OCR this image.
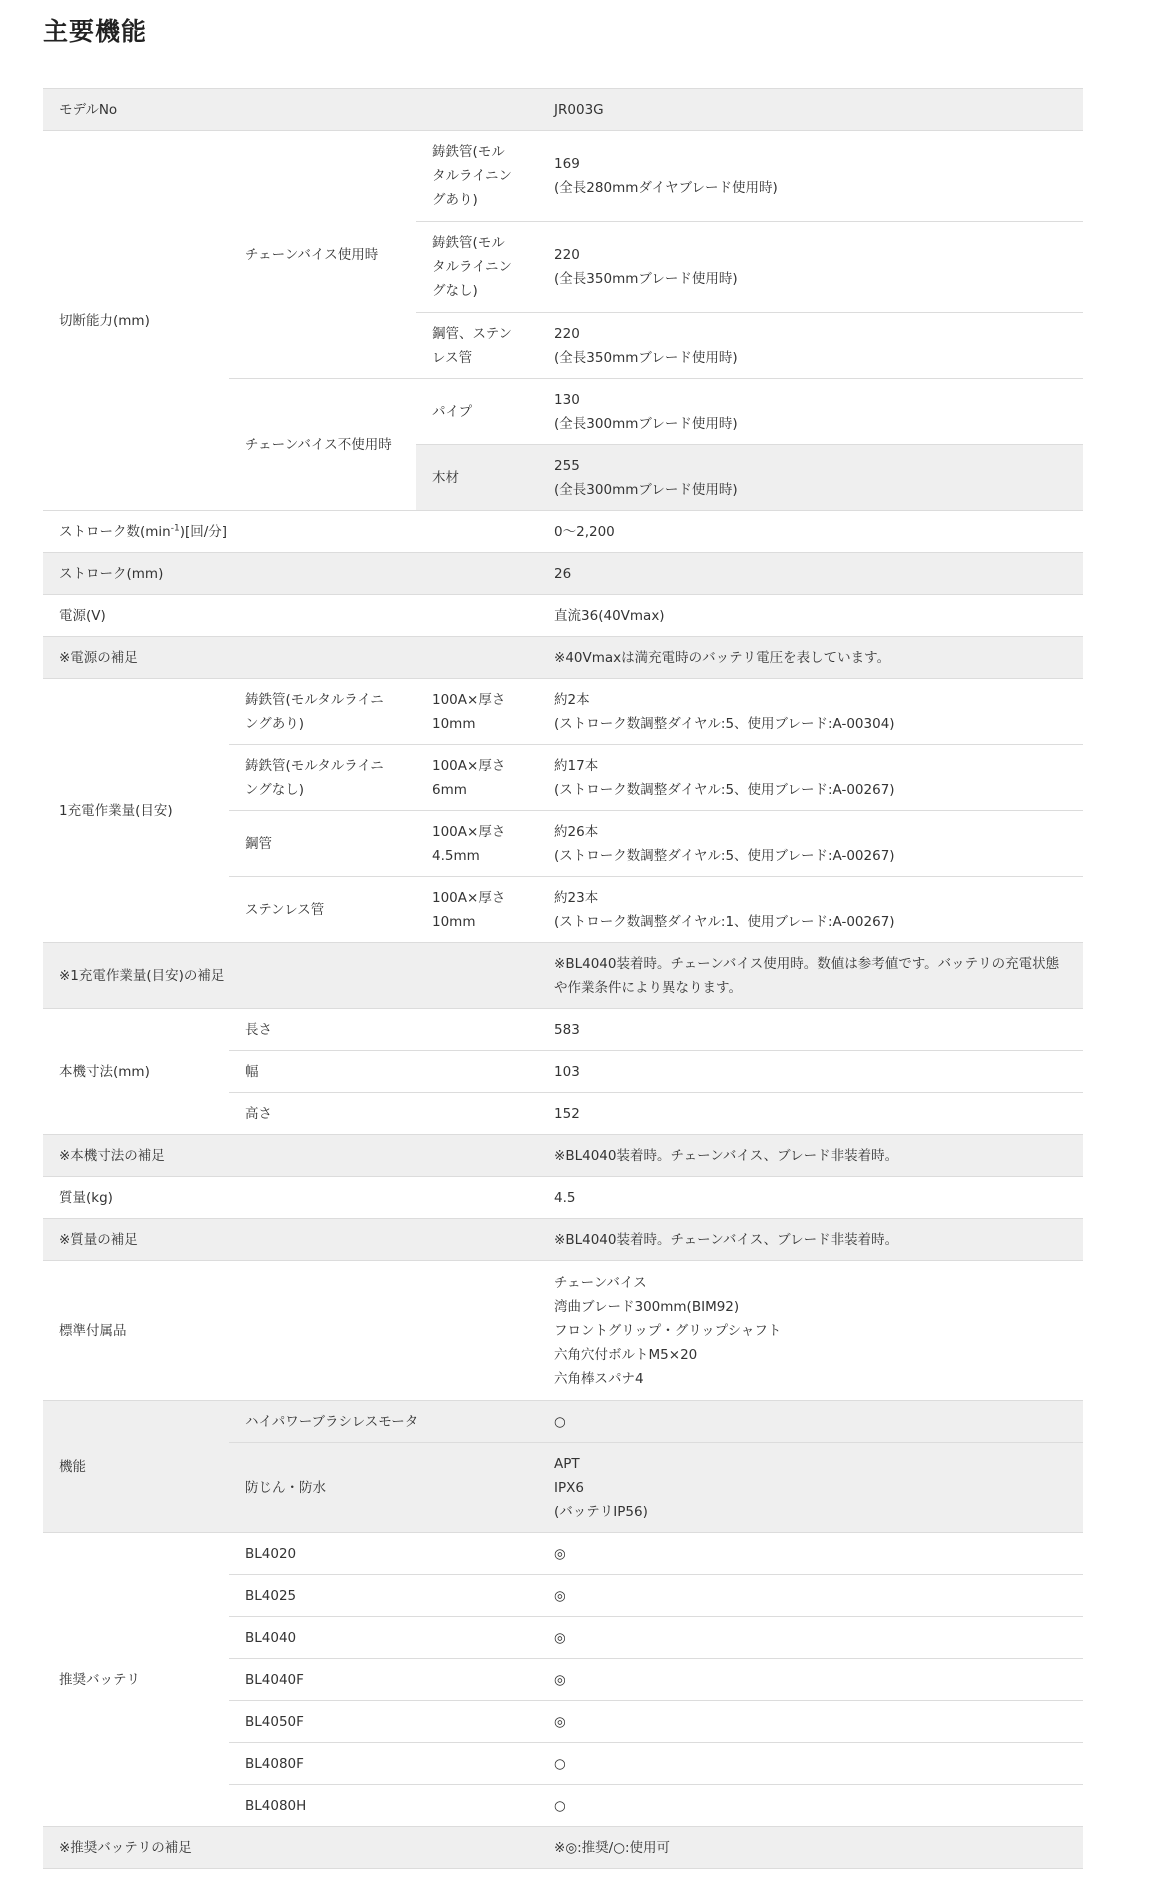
主要機能
モデルNo			JR003G
切断能力(mm)	チェーンバイス使用時	鋳鉄管(モル
タルライニン
グあり)	169
(全長280mmダイヤブレード使用時)

		鋳鉄管(モル
タルライニン
グなし)	220
(全長350mmブレード使用時)

		鋼管、ステン
レス管	220
(全長350mmブレード使用時)

	チェーンバイス不使用時	パイプ	130
(全長300mmブレード使用時)

		木材	255
(全長300mmブレード使用時)

ストローク数$(\min^{-1})$[回/分]			0〜2,200
ストローク(mm)			26
電源(V)			直流36(40Vmax)
※電源の補足			※40Vmaxは満充電時のバッテリ電圧を表しています。
1充電作業量(目安)	鋳鉄管(モルタルライニ
ングあり)	100A×厚さ
10mm	約2本
(ストローク数調整ダイヤル:5、使用ブレード:A-00304)

	鋳鉄管(モルタルライニ
ングなし)	100A×厚さ
6mm	約17本
(ストローク数調整ダイヤル:5、使用ブレード:A-00267)

	鋼管	100A×厚さ
4.5mm	約26本
(ストローク数調整ダイヤル:5、使用ブレード:A-00267)

	ステンレス管	100A×厚さ
10mm	約23本
(ストローク数調整ダイヤル:1、使用ブレード:A-00267)

※1充電作業量(目安)の補足			※BL4040装着時。チェーンバイス使用時。数値は参考値です。バッテリの充電状態
や作業条件により異なります。

本機寸法(mm)	長さ		583
	幅		103
	高さ		152
※本機寸法の補足			※BL4040装着時。チェーンバイス、ブレード非装着時。
質量(kg)			4.5
※質量の補足			※BL4040装着時。チェーンバイス、ブレード非装着時。
標準付属品			チェーンバイス
湾曲ブレード300mm(BIM92)
フロントグリップ・グリップシャフト
六角穴付ボルトM5×20
六角棒スパナ4

機能	ハイパワーブラシレスモータ		○
	防じん・防水		APT
IPX6
(バッテリIP56)

推奨バッテリ	BL4020		◎
	BL4025		◎
	BL4040		◎
	BL4040F		◎
	BL4050F		◎
	BL4080F		○
	BL4080H		○
※推奨バッテリの補足			※◎:推奨/○:使用可
